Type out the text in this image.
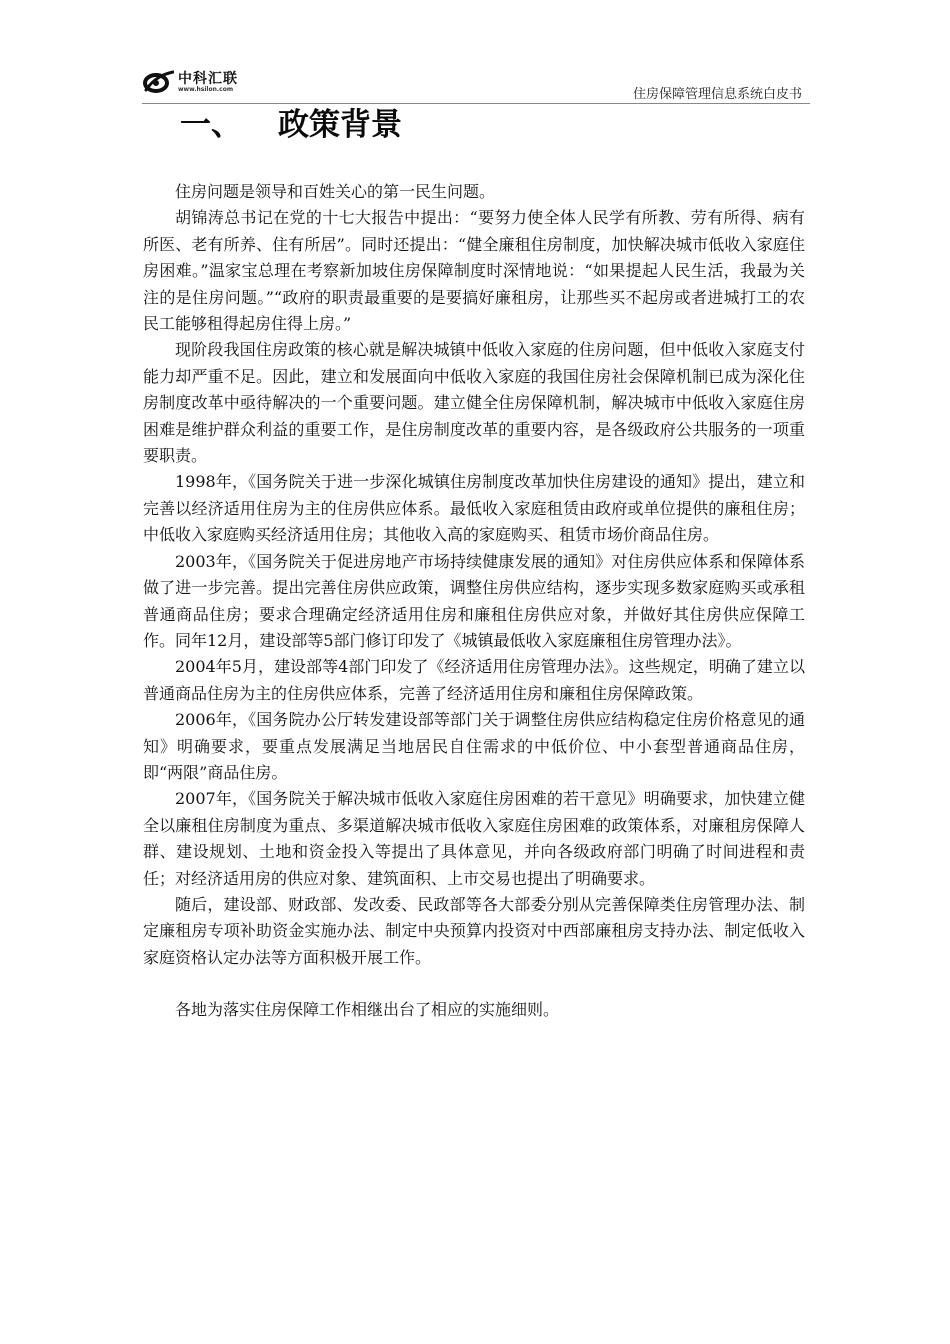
中科汇联
www.hsilon.com	住房保障管理信息系统白皮书
一、 政策背景

住房问题是领导和百姓关心的第一民生问题。

胡锦涛总书记在党的十七大报告中提出：“要努力使全体人民学有所教、劳有所得、病有所医、老有所养、住有所居”。同时还提出：“健全廉租住房制度，加快解决城市低收入家庭住房困难。”温家宝总理在考察新加坡住房保障制度时深情地说：“如果提起人民生活，我最为关注的是住房问题。”“政府的职责最重要的是要搞好廉租房，让那些买不起房或者进城打工的农民工能够租得起房住得上房。”

现阶段我国住房政策的核心就是解决城镇中低收入家庭的住房问题，但中低收入家庭支付能力却严重不足。因此，建立和发展面向中低收入家庭的我国住房社会保障机制已成为深化住房制度改革中亟待解决的一个重要问题。建立健全住房保障机制，解决城市中低收入家庭住房困难是维护群众利益的重要工作，是住房制度改革的重要内容，是各级政府公共服务的一项重要职责。

1998年，《国务院关于进一步深化城镇住房制度改革加快住房建设的通知》提出，建立和完善以经济适用住房为主的住房供应体系。最低收入家庭租赁由政府或单位提供的廉租住房；中低收入家庭购买经济适用住房；其他收入高的家庭购买、租赁市场价商品住房。

2003年，《国务院关于促进房地产市场持续健康发展的通知》对住房供应体系和保障体系做了进一步完善。提出完善住房供应政策，调整住房供应结构，逐步实现多数家庭购买或承租普通商品住房；要求合理确定经济适用住房和廉租住房供应对象，并做好其住房供应保障工作。同年12月，建设部等5部门修订印发了《城镇最低收入家庭廉租住房管理办法》。

2004年5月，建设部等4部门印发了《经济适用住房管理办法》。这些规定，明确了建立以普通商品住房为主的住房供应体系，完善了经济适用住房和廉租住房保障政策。

2006年，《国务院办公厅转发建设部等部门关于调整住房供应结构稳定住房价格意见的通知》明确要求，要重点发展满足当地居民自住需求的中低价位、中小套型普通商品住房，即“两限”商品住房。

2007年，《国务院关于解决城市低收入家庭住房困难的若干意见》明确要求，加快建立健全以廉租住房制度为重点、多渠道解决城市低收入家庭住房困难的政策体系，对廉租房保障人群、建设规划、土地和资金投入等提出了具体意见，并向各级政府部门明确了时间进程和责任；对经济适用房的供应对象、建筑面积、上市交易也提出了明确要求。

随后，建设部、财政部、发改委、民政部等各大部委分别从完善保障类住房管理办法、制定廉租房专项补助资金实施办法、制定中央预算内投资对中西部廉租房支持办法、制定低收入家庭资格认定办法等方面积极开展工作。

各地为落实住房保障工作相继出台了相应的实施细则。
